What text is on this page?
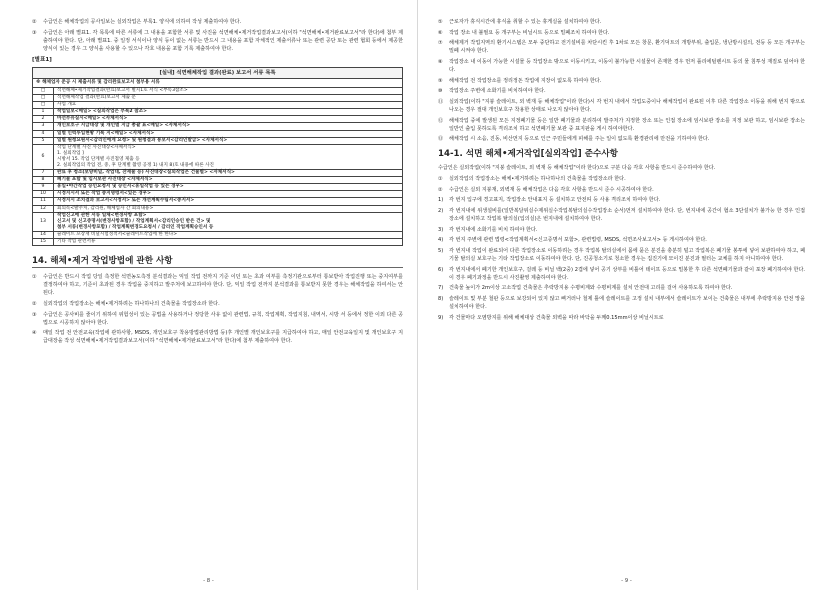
②	수급인은 해체작업의 공사일보는 실외작업은 부록1. 양식에 의하여 작성 제출하여야 한다.

③	수급인은 아래 별표1. 각 목록에 따른 서류에 그 내용을 포함한 서류 및 사진을 석면해체•제거작업결과보고서(이하 "석면해체•제거완료보고서"라 한다)에 첨부 제출하여야 한다. 단, 아래 별표1. 중 일정 서식이나 양식 등이 없는 서류는 반드시 그 내용을 포함 자체적인 제출서류나 또는 관련 공단 또는 관련 협회 등에서 제공한 양식이 있는 경우 그 양식을 사용할 수 있으나 각호 내용을 포함 기록 제출하여야 한다.

[별표1]

[실내] 석면해체작업 결과(완료) 보고서 서류 목록	
※ 해체업자 준공 시 제출서류 및 감리완료보고서 첨부용 서류	
□	석면해체•제거작업결과(완료)보고서 별지1호 서식 <부록3참조>
□	석면해체작업 결과(완료)보고서 제출 문
□	사업 개요
1	착업일보<매일> <실외작업은 부록2 참조>
2	마선부유실시<매일> <자체서식>
3	개인보호구 지급대장 및 개인별 지급 총괄 표<매일> <자체서식>
4	일별 인력투입현황 기록 지<매일> <자체서식>
5	일별 원청요원서<감리인에게 요청> 및 원청결과 통보서<감리인발급> <자체서식>
6	작업 단계별 사진 사진대장<자체서식>
1. 실외작업 ]
시방서 15. 작업 단계별 사진첩영 제출 등
2. 실외작업의 작업 전, 중, 후 단계별 촬영 공정 1) 내지 8)호 내용에 따른 사진
7	완료 후 청소(보양비닐, 작업대, 잔재물 등) 사진대장<실외작업은 건물별> <자체서식>
8	폐기물 포함 및 임시보관 사진대장 <자체서식>
9	휴일•야간작업 승인요청서 및 승인서<휴일작업 등 있는 경우>
10	시정지시서 또는 작업 중지명령서<있는 경우>
11	시정지시 조치결과 보고서<시정서> 또는 개선계획수립서<중지서>
12	회의록<발주처, 감리원, 해체업자 간 회의내용>
13	착업신고에 관한 서류 일체<변경사항 포함>
신고서 및 신고증명서(변경사항포함) / 작업계획서<감리인승인 받은 건> 및
첨부 서류(변경사항포함) / 작업계획변경도요청서 / 감리인 작업계획승인서 등
14	슬레이트 포장재 비닐시험성적서<슬레이트작업에 한 한다>
15	기타 작업 관련서류
14. 해체•제거 작업방법에 관한 사항

①	수급인은 반드시 작업 당일 측정한 석면농도측정 분석결과는 익일 작업 전까지 기준 이던 또는 초과 여부를 측정기관으로부터 통보받아 작업진행 또는 중지여부를 결정하여야 하고, 기준이 초과된 경우 작업을 중지하고 발주처에 보고하여야 한다. 단, 익일 작업 전까지 분석결과를 통보받지 못한 경우는 해체작업을 하여서는 안된다.

②	실외작업의 작업장소는 해체•제거하려는 하나하나의 건축물을 작업장소라 한다.

③	수급인은 공사비를 줄이기 위하여 위험성이 있는 공법을 사용하거나 정당한 사유 없이 관련법, 규칙, 작업계획, 작업지침, 내역서, 시방 서 등에서 정한 이외 다른 공법으로 시공하지 않아야 한다.

④	매일 작업 전 안전교육(작업에 관하사항, MSDS, 개인보호구 착용방법관리방법 등)후 개인별 개인보호구를 지급하여야 하고, 매일 안전교육일지 및 개인보호구 지급대장을 작성 석면해체•제거작업결과보고서(이하 "석면해체•제거완료보고서"라 한다)에 첨부 제출하여야 한다.

- 8 -

⑤	근로자가 휴식시간에 휴식을 취할 수 있는 휴게실을 설치하여야 한다.

⑥	작업 장소 내 불필요 등 개구부는 비닐시트 등으로 밀폐조치 하여야 한다.

⑦	해체제거 작업지역의 환기시스템은 모두 중단하고 전기설비를 차단시킨 후 1차로 모든 창문, 환기덕트의 개방부위, 출입문, 냉난방시설의, 전등 등 모든 개구부는 밀폐 시켜야 한다.

⑧	작업장소 내 이동이 가능한 시설물 등 작업장소 밖으로 이동시키고, 이동이 불가능한 시설물이 존재한 경우 먼저 플리에틸렌시트 등의 물 침투성 재질로 덮어야 한다.

⑨	해체작업 전 작업장소를 정리정돈 작업에 지장이 없도록 하여야 한다.

⑩	작업장소 주변에 소화기를 비치하여야 한다.

⑪	실외작업(이하 "지붕 슬레이트, 외 벽재 등 해체작업"이라 한다)시 각 번지 내에서 작업도중이나 해체작업이 완료된 이후 다른 작업장소 이동을 위해 번지 밖으로 나오는 경우 절대 개인보호구 착용한 상태로 나오지 않아야 한다.

⑫	해체작업 중에 발생된 모든 지정폐기물 등은 일반 폐기물과 분리하여 발주처가 지정한 장소 또는 인접 장소에 임시보관 장소를 지정 보관 하고, 임시보관 장소는 일반인 출입 못하도록 격리조치 하고 석면폐기물 보관 중 표지판을 게시 하여야한다.

⑬	해체작업 시 소음, 진동, 비산먼지 등으로 인근 주민들에게 피해를 주는 일이 없도록 환경관리에 만전을 기하여야 한다.

14-1. 석면 해체•제거작업[실외작업] 준수사항

수급인은 실외작업(이하 "지붕 슬레이트, 외 벽재 등 해체작업"이라 한다)으로 구분 다음 각호 사항을 반드시 준수하여야 한다.

①	실외작업의 작업장소는 해체•제거하려는 하나하나의 건축물을 작업장소라 한다.

②	수급인은 실외 지붕재, 외벽재 등 해체작업은 다음 각호 사항을 반드시 준수 시공하여야 한다.

1)	각 번지 입구에 경고표지, 작업장소 안내표지 등 설치하고 안전띠 등 사용 격리조치 하여야 한다.

2)	각 번지내에 위생설비를(일반복달위실수제위실수작업복탈의실수작업장소 순서)먼저 설치하여야 한다. 단, 번지내에 공간이 협소 3단설치가 불가능 한 경우 인접장소에 설치하고 작업복 탈의실(입의실)은 번지내에 설치하여야 한다.

3)	각 번지내에 소화기를 비치 하여야 한다.

4)	각 번지 주변에 관련 법령<작업계획서<신고증명서 포함>, 관련법령, MSDS, 석면조사보고서> 등 게시하여야 한다.

5)	각 번지내 작업이 완료되어 다른 작업장소로 이동하려는 경우 작업복 탈의실에서 몸에 묻은 분진을 충분히 털고 작업복은 폐기물 봉투에 넣어 보관하여야 하고, 폐기물 탈의실 보호구는 기타 작업장소로 이동하여야 한다. 단, 진공청소기로 청소한 경우는 집진기에 모이진 분진과 필터는 교체를 하지 아니하여야 한다.

6)	각 번지내에서 폐기한 개인보호구, 걸레 등 비닐 백(2중) 2겹에 넣어 공기 상부를 비틀어 테이프 등으로 밀봉한 후 다른 석면폐기물과 같이 포장 폐기하여야 한다. 이 경우 폐기과정을 반드시 사진촬영 제출하여야 한다.

7)	건축물 높이가 2m이상 고소작업 건축물은 추락방지용 수평비계와 수평비계를 설치 안전대 고리를 걸어 사용하도록 하여야 한다.

8)	슬레이트 및 부분 철판 등으로 보강되어 있지 않고 삐거러나 철제 틀에 슬레이트를 고정 설치 내부에서 슬레이트가 보이는 건축물은 내부에 추락방지용 안전 망을 설치하여야 한다.

9)	각 건물마다 오염방지를 위해 해체대상 건축물 외벽을 따라 바닥을 두께0.15mm이상 비닐시트로

- 9 -
